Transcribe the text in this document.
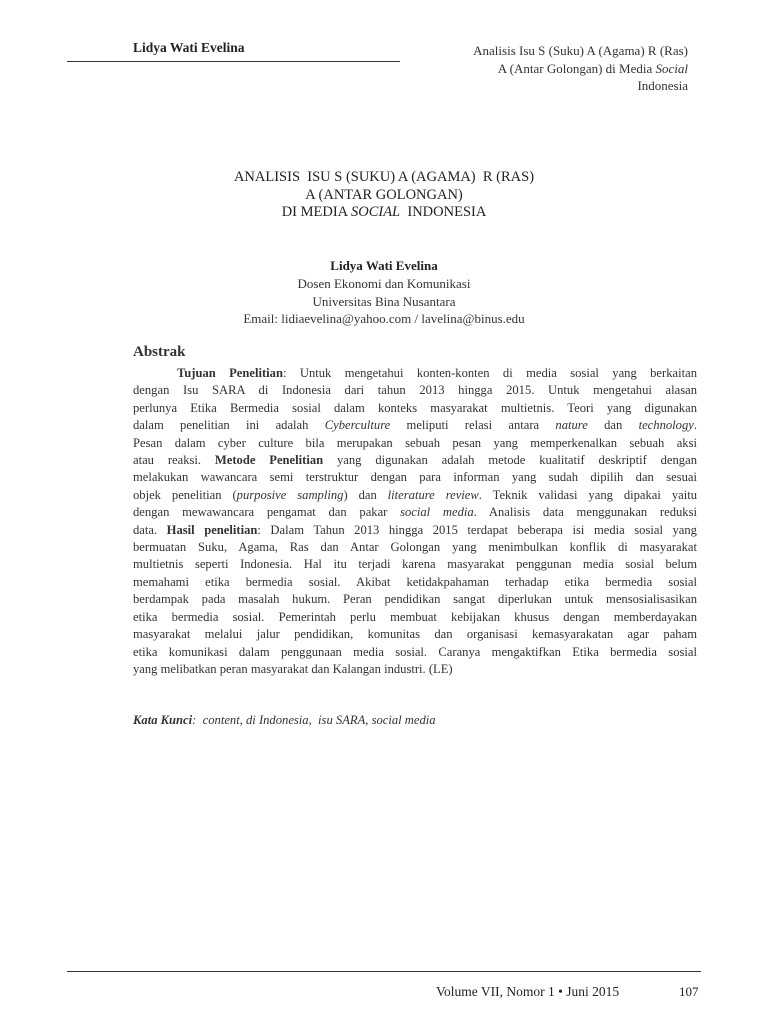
Lidya Wati Evelina	Analisis Isu S (Suku) A (Agama) R (Ras)
A (Antar Golongan) di Media Social
Indonesia
ANALISIS  ISU S (SUKU) A (AGAMA)  R (RAS)
A (ANTAR GOLONGAN)
DI MEDIA SOCIAL  INDONESIA
Lidya Wati Evelina
Dosen Ekonomi dan Komunikasi
Universitas Bina Nusantara
Email: lidiaevelina@yahoo.com / lavelina@binus.edu
Abstrak
Tujuan Penelitian: Untuk mengetahui konten-konten di media sosial yang berkaitan
dengan Isu SARA di Indonesia dari tahun 2013 hingga 2015. Untuk mengetahui alasan
perlunya Etika Bermedia sosial dalam konteks masyarakat multietnis. Teori yang digunakan
dalam penelitian ini adalah Cyberculture meliputi relasi antara nature dan technology.
Pesan dalam cyber culture bila merupakan sebuah pesan yang memperkenalkan sebuah aksi
atau reaksi. Metode Penelitian yang digunakan adalah metode kualitatif deskriptif dengan
melakukan wawancara semi terstruktur dengan para informan yang sudah dipilih dan sesuai
objek penelitian (purposive sampling) dan literature review. Teknik validasi yang dipakai yaitu
dengan mewawancara pengamat dan pakar social media. Analisis data menggunakan reduksi
data. Hasil penelitian: Dalam Tahun 2013 hingga 2015 terdapat beberapa isi media sosial yang
bermuatan Suku, Agama, Ras dan Antar Golongan yang menimbulkan konflik di masyarakat
multietnis seperti Indonesia. Hal itu terjadi karena masyarakat penggunan media sosial belum
memahami etika bermedia sosial. Akibat ketidakpahaman terhadap etika bermedia sosial
berdampak pada masalah hukum. Peran pendidikan sangat diperlukan untuk mensosialisasikan
etika bermedia sosial. Pemerintah perlu membuat kebijakan khusus dengan memberdayakan
masyarakat melalui jalur pendidikan, komunitas dan organisasi kemasyarakatan agar paham
etika komunikasi dalam penggunaan media sosial. Caranya mengaktifkan Etika bermedia sosial
yang melibatkan peran masyarakat dan Kalangan industri. (LE)
Kata Kunci:  content, di Indonesia,  isu SARA, social media
Volume VII, Nomor 1 • Juni 2015	107
